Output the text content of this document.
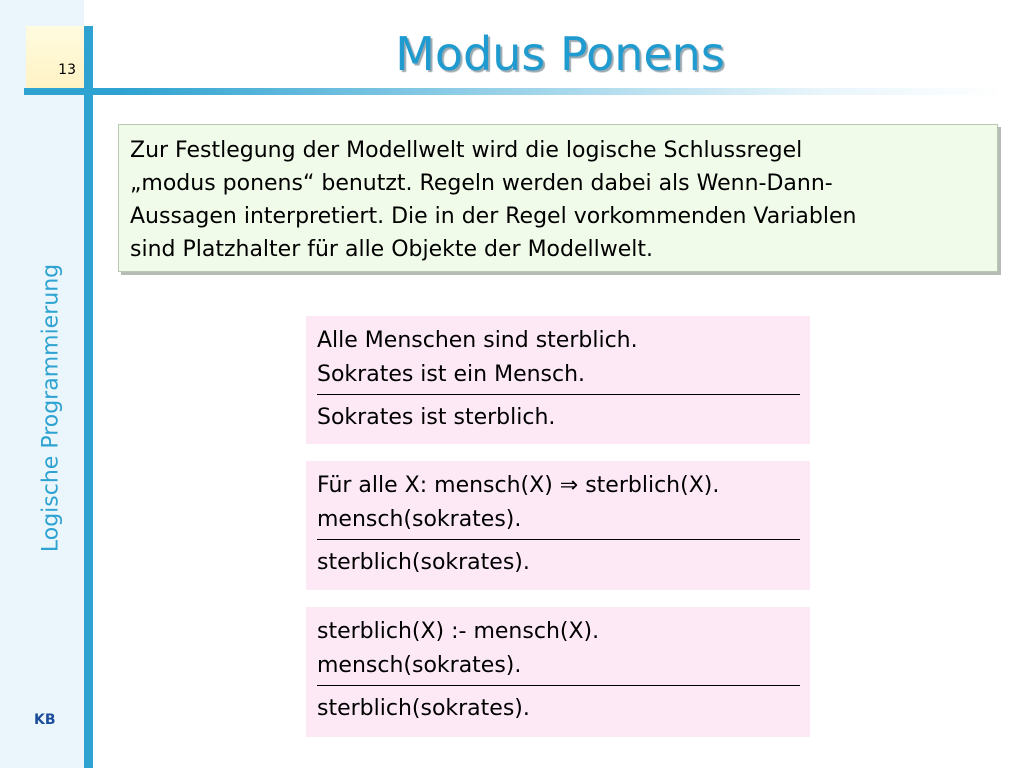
13
Logische Programmierung
KB
Modus Ponens

Zur Festlegung der Modellwelt wird die logische Schlussregel

„modus ponens“ benutzt. Regeln werden dabei als Wenn-Dann-

Aussagen interpretiert. Die in der Regel vorkommenden Variablen

sind Platzhalter für alle Objekte der Modellwelt.

Alle Menschen sind sterblich.
Sokrates ist ein Mensch.
Sokrates ist sterblich.
Für alle X: mensch(X) ⇒ sterblich(X).
mensch(sokrates).
sterblich(sokrates).
sterblich(X) :- mensch(X).
mensch(sokrates).
sterblich(sokrates).
